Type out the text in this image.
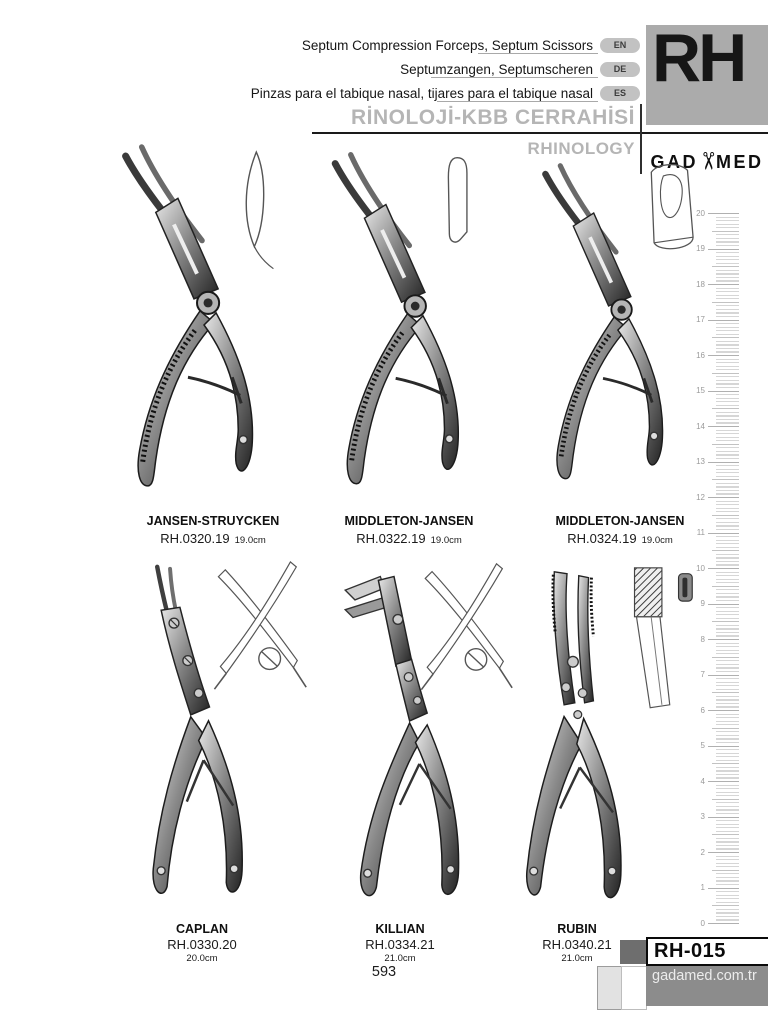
Septum Compression Forceps, Septum Scissors	EN
Septumzangen, Septumscheren	DE
Pinzas para el tabique nasal, tijares para el tabique nasal	ES RH
RİNOLOJİ-KBB CERRAHİSİ
RHINOLOGY
GAD
✂
MED
JANSEN-STRUYCKEN
RH.0320.19 19.0cm
MIDDLETON-JANSEN
RH.0322.19 19.0cm
MIDDLETON-JANSEN
RH.0324.19 19.0cm
CAPLAN
RH.0330.20
20.0cm
KILLIAN
RH.0334.21
21.0cm
RUBIN
RH.0340.21
21.0cm
20
19
18
17
16
15
14
13
12
11
10
9
8
7
6
5
4
3
2
1
0
593
RH-015
gadamed.com.tr
